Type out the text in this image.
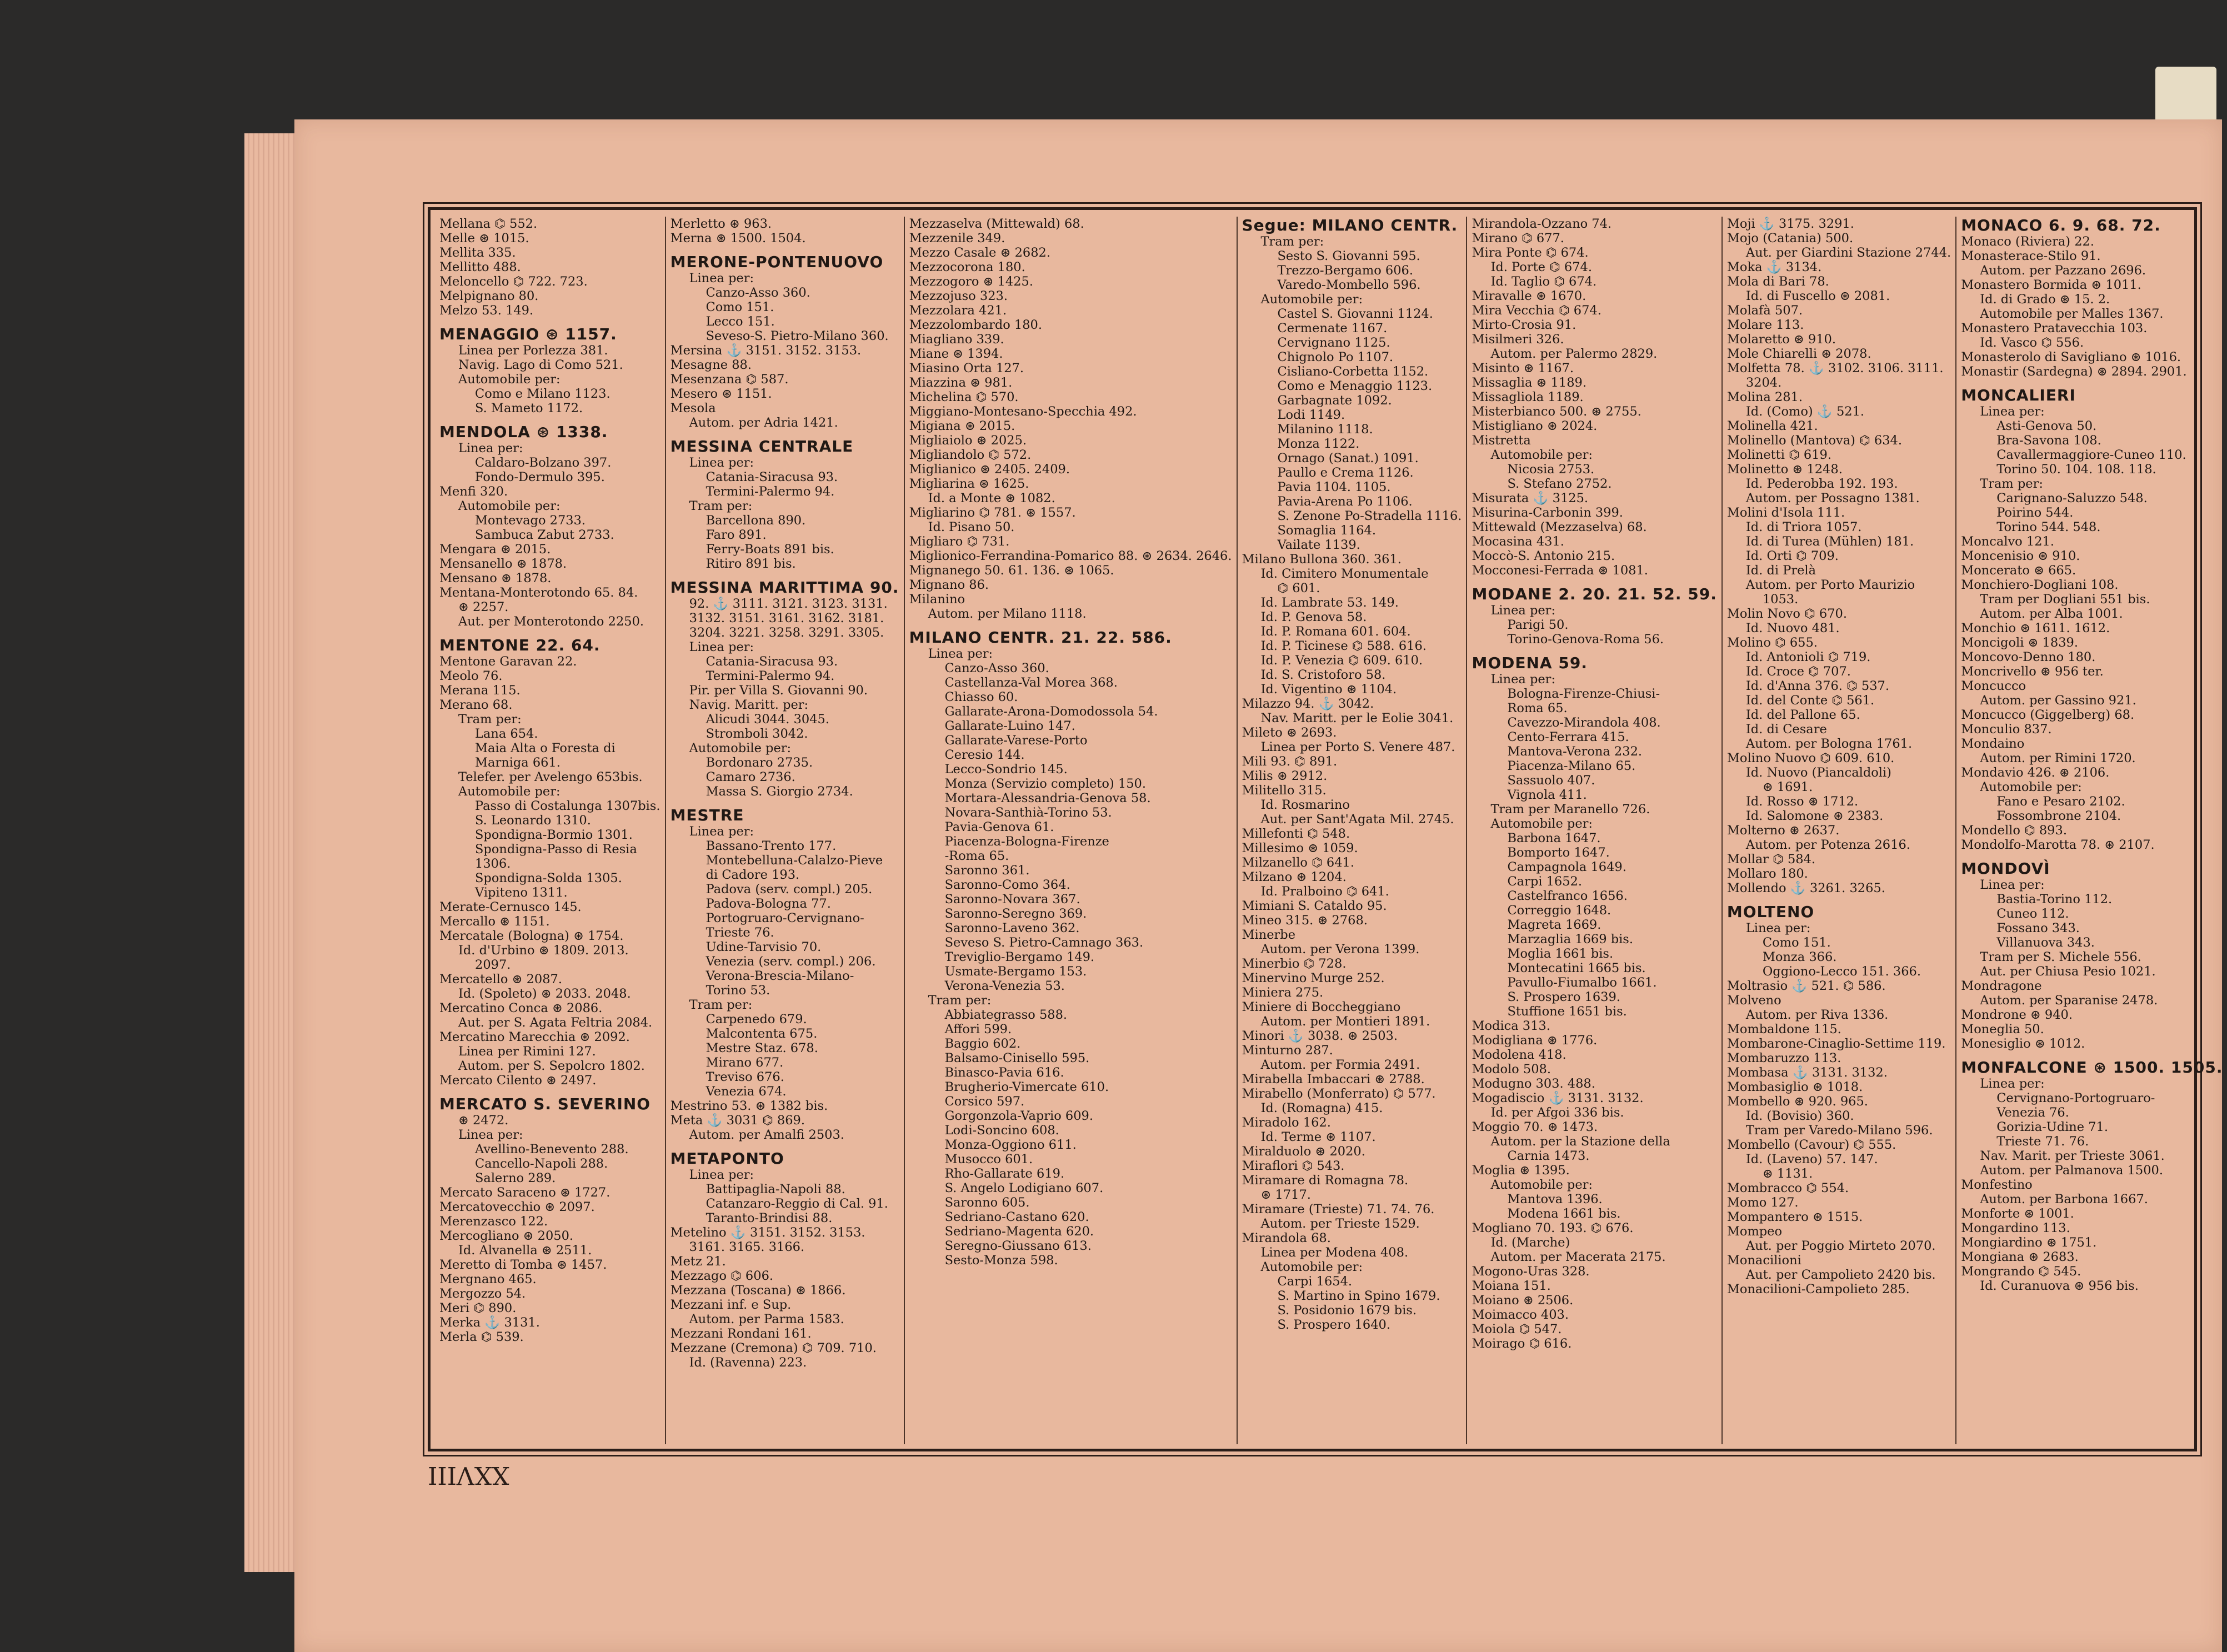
Mellana ⌬ 552.
Melle ⊛ 1015.
Mellita 335.
Mellitto 488.
Meloncello ⌬ 722. 723.
Melpignano 80.
Melzo 53. 149.
MENAGGIO ⊛ 1157.
Linea per Porlezza 381.
Navig. Lago di Como 521.
Automobile per:
Como e Milano 1123.
S. Mameto 1172.
MENDOLA ⊛ 1338.
Linea per:
Caldaro-Bolzano 397.
Fondo-Dermulo 395.
Menfi 320.
Automobile per:
Montevago 2733.
Sambuca Zabut 2733.
Mengara ⊛ 2015.
Mensanello ⊛ 1878.
Mensano ⊛ 1878.
Mentana-Monterotondo 65. 84.
⊛ 2257.
Aut. per Monterotondo 2250.
MENTONE 22. 64.
Mentone Garavan 22.
Meolo 76.
Merana 115.
Merano 68.
Tram per:
Lana 654.
Maia Alta o Foresta di
Marniga 661.
Telefer. per Avelengo 653bis.
Automobile per:
Passo di Costalunga 1307bis.
S. Leonardo 1310.
Spondigna-Bormio 1301.
Spondigna-Passo di Resia
1306.
Spondigna-Solda 1305.
Vipiteno 1311.
Merate-Cernusco 145.
Mercallo ⊛ 1151.
Mercatale (Bologna) ⊛ 1754.
Id. d'Urbino ⊛ 1809. 2013.
2097.
Mercatello ⊛ 2087.
Id. (Spoleto) ⊛ 2033. 2048.
Mercatino Conca ⊛ 2086.
Aut. per S. Agata Feltria 2084.
Mercatino Marecchia ⊛ 2092.
Linea per Rimini 127.
Autom. per S. Sepolcro 1802.
Mercato Cilento ⊛ 2497.
MERCATO S. SEVERINO
⊛ 2472.
Linea per:
Avellino-Benevento 288.
Cancello-Napoli 288.
Salerno 289.
Mercato Saraceno ⊛ 1727.
Mercatovecchio ⊛ 2097.
Merenzasco 122.
Mercogliano ⊛ 2050.
Id. Alvanella ⊛ 2511.
Meretto di Tomba ⊛ 1457.
Mergnano 465.
Mergozzo 54.
Meri ⌬ 890.
Merka ⚓ 3131.
Merla ⌬ 539.
Merletto ⊛ 963.
Merna ⊛ 1500. 1504.
MERONE-PONTENUOVO
Linea per:
Canzo-Asso 360.
Como 151.
Lecco 151.
Seveso-S. Pietro-Milano 360.
Mersina ⚓ 3151. 3152. 3153.
Mesagne 88.
Mesenzana ⌬ 587.
Mesero ⊛ 1151.
Mesola
Autom. per Adria 1421.
MESSINA CENTRALE
Linea per:
Catania-Siracusa 93.
Termini-Palermo 94.
Tram per:
Barcellona 890.
Faro 891.
Ferry-Boats 891 bis.
Ritiro 891 bis.
MESSINA MARITTIMA 90.
92. ⚓ 3111. 3121. 3123. 3131.
3132. 3151. 3161. 3162. 3181.
3204. 3221. 3258. 3291. 3305.
Linea per:
Catania-Siracusa 93.
Termini-Palermo 94.
Pir. per Villa S. Giovanni 90.
Navig. Maritt. per:
Alicudi 3044. 3045.
Stromboli 3042.
Automobile per:
Bordonaro 2735.
Camaro 2736.
Massa S. Giorgio 2734.
MESTRE
Linea per:
Bassano-Trento 177.
Montebelluna-Calalzo-Pieve
di Cadore 193.
Padova (serv. compl.) 205.
Padova-Bologna 77.
Portogruaro-Cervignano-
Trieste 76.
Udine-Tarvisio 70.
Venezia (serv. compl.) 206.
Verona-Brescia-Milano-
Torino 53.
Tram per:
Carpenedo 679.
Malcontenta 675.
Mestre Staz. 678.
Mirano 677.
Treviso 676.
Venezia 674.
Mestrino 53. ⊛ 1382 bis.
Meta ⚓ 3031 ⌬ 869.
Autom. per Amalfi 2503.
METAPONTO
Linea per:
Battipaglia-Napoli 88.
Catanzaro-Reggio di Cal. 91.
Taranto-Brindisi 88.
Metelino ⚓ 3151. 3152. 3153.
3161. 3165. 3166.
Metz 21.
Mezzago ⌬ 606.
Mezzana (Toscana) ⊛ 1866.
Mezzani inf. e Sup.
Autom. per Parma 1583.
Mezzani Rondani 161.
Mezzane (Cremona) ⌬ 709. 710.
Id. (Ravenna) 223.
Mezzaselva (Mittewald) 68.
Mezzenile 349.
Mezzo Casale ⊛ 2682.
Mezzocorona 180.
Mezzogoro ⊛ 1425.
Mezzojuso 323.
Mezzolara 421.
Mezzolombardo 180.
Miagliano 339.
Miane ⊛ 1394.
Miasino Orta 127.
Miazzina ⊛ 981.
Michelina ⌬ 570.
Miggiano-Montesano-Specchia 492.
Migiana ⊛ 2015.
Migliaiolo ⊛ 2025.
Migliandolo ⌬ 572.
Miglianico ⊛ 2405. 2409.
Migliarina ⊛ 1625.
Id. a Monte ⊛ 1082.
Migliarino ⌬ 781. ⊛ 1557.
Id. Pisano 50.
Migliaro ⌬ 731.
Miglionico-Ferrandina-Pomarico 88. ⊛ 2634. 2646.
Mignanego 50. 61. 136. ⊛ 1065.
Mignano 86.
Milanino
Autom. per Milano 1118.
MILANO CENTR. 21. 22. 586.
Linea per:
Canzo-Asso 360.
Castellanza-Val Morea 368.
Chiasso 60.
Gallarate-Arona-Domodossola 54.
Gallarate-Luino 147.
Gallarate-Varese-Porto
Ceresio 144.
Lecco-Sondrio 145.
Monza (Servizio completo) 150.
Mortara-Alessandria-Genova 58.
Novara-Santhià-Torino 53.
Pavia-Genova 61.
Piacenza-Bologna-Firenze
-Roma 65.
Saronno 361.
Saronno-Como 364.
Saronno-Novara 367.
Saronno-Seregno 369.
Saronno-Laveno 362.
Seveso S. Pietro-Camnago 363.
Treviglio-Bergamo 149.
Usmate-Bergamo 153.
Verona-Venezia 53.
Tram per:
Abbiategrasso 588.
Affori 599.
Baggio 602.
Balsamo-Cinisello 595.
Binasco-Pavia 616.
Brugherio-Vimercate 610.
Corsico 597.
Gorgonzola-Vaprio 609.
Lodi-Soncino 608.
Monza-Oggiono 611.
Musocco 601.
Rho-Gallarate 619.
S. Angelo Lodigiano 607.
Saronno 605.
Sedriano-Castano 620.
Sedriano-Magenta 620.
Seregno-Giussano 613.
Sesto-Monza 598.
Segue: MILANO CENTR.
Tram per:
Sesto S. Giovanni 595.
Trezzo-Bergamo 606.
Varedo-Mombello 596.
Automobile per:
Castel S. Giovanni 1124.
Cermenate 1167.
Cervignano 1125.
Chignolo Po 1107.
Cisliano-Corbetta 1152.
Como e Menaggio 1123.
Garbagnate 1092.
Lodi 1149.
Milanino 1118.
Monza 1122.
Ornago (Sanat.) 1091.
Paullo e Crema 1126.
Pavia 1104. 1105.
Pavia-Arena Po 1106.
S. Zenone Po-Stradella 1116.
Somaglia 1164.
Vailate 1139.
Milano Bullona 360. 361.
Id. Cimitero Monumentale
⌬ 601.
Id. Lambrate 53. 149.
Id. P. Genova 58.
Id. P. Romana 601. 604.
Id. P. Ticinese ⌬ 588. 616.
Id. P. Venezia ⌬ 609. 610.
Id. S. Cristoforo 58.
Id. Vigentino ⊛ 1104.
Milazzo 94. ⚓ 3042.
Nav. Maritt. per le Eolie 3041.
Mileto ⊛ 2693.
Linea per Porto S. Venere 487.
Mili 93. ⌬ 891.
Milis ⊛ 2912.
Militello 315.
Id. Rosmarino
Aut. per Sant'Agata Mil. 2745.
Millefonti ⌬ 548.
Millesimo ⊛ 1059.
Milzanello ⌬ 641.
Milzano ⊛ 1204.
Id. Pralboino ⌬ 641.
Mimiani S. Cataldo 95.
Mineo 315. ⊛ 2768.
Minerbe
Autom. per Verona 1399.
Minerbio ⌬ 728.
Minervino Murge 252.
Miniera 275.
Miniere di Boccheggiano
Autom. per Montieri 1891.
Minori ⚓ 3038. ⊛ 2503.
Minturno 287.
Autom. per Formia 2491.
Mirabella Imbaccari ⊛ 2788.
Mirabello (Monferrato) ⌬ 577.
Id. (Romagna) 415.
Miradolo 162.
Id. Terme ⊛ 1107.
Miralduolo ⊛ 2020.
Miraflori ⌬ 543.
Miramare di Romagna 78.
⊛ 1717.
Miramare (Trieste) 71. 74. 76.
Autom. per Trieste 1529.
Mirandola 68.
Linea per Modena 408.
Automobile per:
Carpi 1654.
S. Martino in Spino 1679.
S. Posidonio 1679 bis.
S. Prospero 1640.
Mirandola-Ozzano 74.
Mirano ⌬ 677.
Mira Ponte ⌬ 674.
Id. Porte ⌬ 674.
Id. Taglio ⌬ 674.
Miravalle ⊛ 1670.
Mira Vecchia ⌬ 674.
Mirto-Crosia 91.
Misilmeri 326.
Autom. per Palermo 2829.
Misinto ⊛ 1167.
Missaglia ⊛ 1189.
Missagliola 1189.
Misterbianco 500. ⊛ 2755.
Mistigliano ⊛ 2024.
Mistretta
Automobile per:
Nicosia 2753.
S. Stefano 2752.
Misurata ⚓ 3125.
Misurina-Carbonin 399.
Mittewald (Mezzaselva) 68.
Mocasina 431.
Moccò-S. Antonio 215.
Mocconesi-Ferrada ⊛ 1081.
MODANE 2. 20. 21. 52. 59.
Linea per:
Parigi 50.
Torino-Genova-Roma 56.
MODENA 59.
Linea per:
Bologna-Firenze-Chiusi-
Roma 65.
Cavezzo-Mirandola 408.
Cento-Ferrara 415.
Mantova-Verona 232.
Piacenza-Milano 65.
Sassuolo 407.
Vignola 411.
Tram per Maranello 726.
Automobile per:
Barbona 1647.
Bomporto 1647.
Campagnola 1649.
Carpi 1652.
Castelfranco 1656.
Correggio 1648.
Magreta 1669.
Marzaglia 1669 bis.
Moglia 1661 bis.
Montecatini 1665 bis.
Pavullo-Fiumalbo 1661.
S. Prospero 1639.
Stuffione 1651 bis.
Modica 313.
Modigliana ⊛ 1776.
Modolena 418.
Modolo 508.
Modugno 303. 488.
Mogadiscio ⚓ 3131. 3132.
Id. per Afgoi 336 bis.
Moggio 70. ⊛ 1473.
Autom. per la Stazione della
Carnia 1473.
Moglia ⊛ 1395.
Automobile per:
Mantova 1396.
Modena 1661 bis.
Mogliano 70. 193. ⌬ 676.
Id. (Marche)
Autom. per Macerata 2175.
Mogono-Uras 328.
Moiana 151.
Moiano ⊛ 2506.
Moimacco 403.
Moiola ⌬ 547.
Moirago ⌬ 616.
Moji ⚓ 3175. 3291.
Mojo (Catania) 500.
Aut. per Giardini Stazione 2744.
Moka ⚓ 3134.
Mola di Bari 78.
Id. di Fuscello ⊛ 2081.
Molafà 507.
Molare 113.
Molaretto ⊛ 910.
Mole Chiarelli ⊛ 2078.
Molfetta 78. ⚓ 3102. 3106. 3111.
3204.
Molina 281.
Id. (Como) ⚓ 521.
Molinella 421.
Molinello (Mantova) ⌬ 634.
Molinetti ⌬ 619.
Molinetto ⊛ 1248.
Id. Pederobba 192. 193.
Autom. per Possagno 1381.
Molini d'Isola 111.
Id. di Triora 1057.
Id. di Turea (Mühlen) 181.
Id. Orti ⌬ 709.
Id. di Prelà
Autom. per Porto Maurizio
1053.
Molin Novo ⌬ 670.
Id. Nuovo 481.
Molino ⌬ 655.
Id. Antonioli ⌬ 719.
Id. Croce ⌬ 707.
Id. d'Anna 376. ⌬ 537.
Id. del Conte ⌬ 561.
Id. del Pallone 65.
Id. di Cesare
Autom. per Bologna 1761.
Molino Nuovo ⌬ 609. 610.
Id. Nuovo (Piancaldoli)
⊛ 1691.
Id. Rosso ⊛ 1712.
Id. Salomone ⊛ 2383.
Molterno ⊛ 2637.
Autom. per Potenza 2616.
Mollar ⌬ 584.
Mollaro 180.
Mollendo ⚓ 3261. 3265.
MOLTENO
Linea per:
Como 151.
Monza 366.
Oggiono-Lecco 151. 366.
Moltrasio ⚓ 521. ⌬ 586.
Molveno
Autom. per Riva 1336.
Mombaldone 115.
Mombarone-Cinaglio-Settime 119.
Mombaruzzo 113.
Mombasa ⚓ 3131. 3132.
Mombasiglio ⊛ 1018.
Mombello ⊛ 920. 965.
Id. (Bovisio) 360.
Tram per Varedo-Milano 596.
Mombello (Cavour) ⌬ 555.
Id. (Laveno) 57. 147.
⊛ 1131.
Mombracco ⌬ 554.
Momo 127.
Mompantero ⊛ 1515.
Mompeo
Aut. per Poggio Mirteto 2070.
Monacilioni
Aut. per Campolieto 2420 bis.
Monacilioni-Campolieto 285.
MONACO 6. 9. 68. 72.
Monaco (Riviera) 22.
Monasterace-Stilo 91.
Autom. per Pazzano 2696.
Monastero Bormida ⊛ 1011.
Id. di Grado ⊛ 15. 2.
Automobile per Malles 1367.
Monastero Pratavecchia 103.
Id. Vasco ⌬ 556.
Monasterolo di Savigliano ⊛ 1016.
Monastir (Sardegna) ⊛ 2894. 2901.
MONCALIERI
Linea per:
Asti-Genova 50.
Bra-Savona 108.
Cavallermaggiore-Cuneo 110.
Torino 50. 104. 108. 118.
Tram per:
Carignano-Saluzzo 548.
Poirino 544.
Torino 544. 548.
Moncalvo 121.
Moncenisio ⊛ 910.
Moncerato ⊛ 665.
Monchiero-Dogliani 108.
Tram per Dogliani 551 bis.
Autom. per Alba 1001.
Monchio ⊛ 1611. 1612.
Moncigoli ⊛ 1839.
Moncovo-Denno 180.
Moncrivello ⊛ 956 ter.
Moncucco
Autom. per Gassino 921.
Moncucco (Giggelberg) 68.
Monculio 837.
Mondaino
Autom. per Rimini 1720.
Mondavio 426. ⊛ 2106.
Automobile per:
Fano e Pesaro 2102.
Fossombrone 2104.
Mondello ⌬ 893.
Mondolfo-Marotta 78. ⊛ 2107.
MONDOVÌ
Linea per:
Bastia-Torino 112.
Cuneo 112.
Fossano 343.
Villanuova 343.
Tram per S. Michele 556.
Aut. per Chiusa Pesio 1021.
Mondragone
Autom. per Sparanise 2478.
Mondrone ⊛ 940.
Moneglia 50.
Monesiglio ⊛ 1012.
MONFALCONE ⊛ 1500. 1505.
Linea per:
Cervignano-Portogruaro-
Venezia 76.
Gorizia-Udine 71.
Trieste 71. 76.
Nav. Marit. per Trieste 3061.
Autom. per Palmanova 1500.
Monfestino
Autom. per Barbona 1667.
Monforte ⊛ 1001.
Mongardino 113.
Mongiardino ⊛ 1751.
Mongiana ⊛ 2683.
Mongrando ⌬ 545.
Id. Curanuova ⊛ 956 bis.
XXVIII
